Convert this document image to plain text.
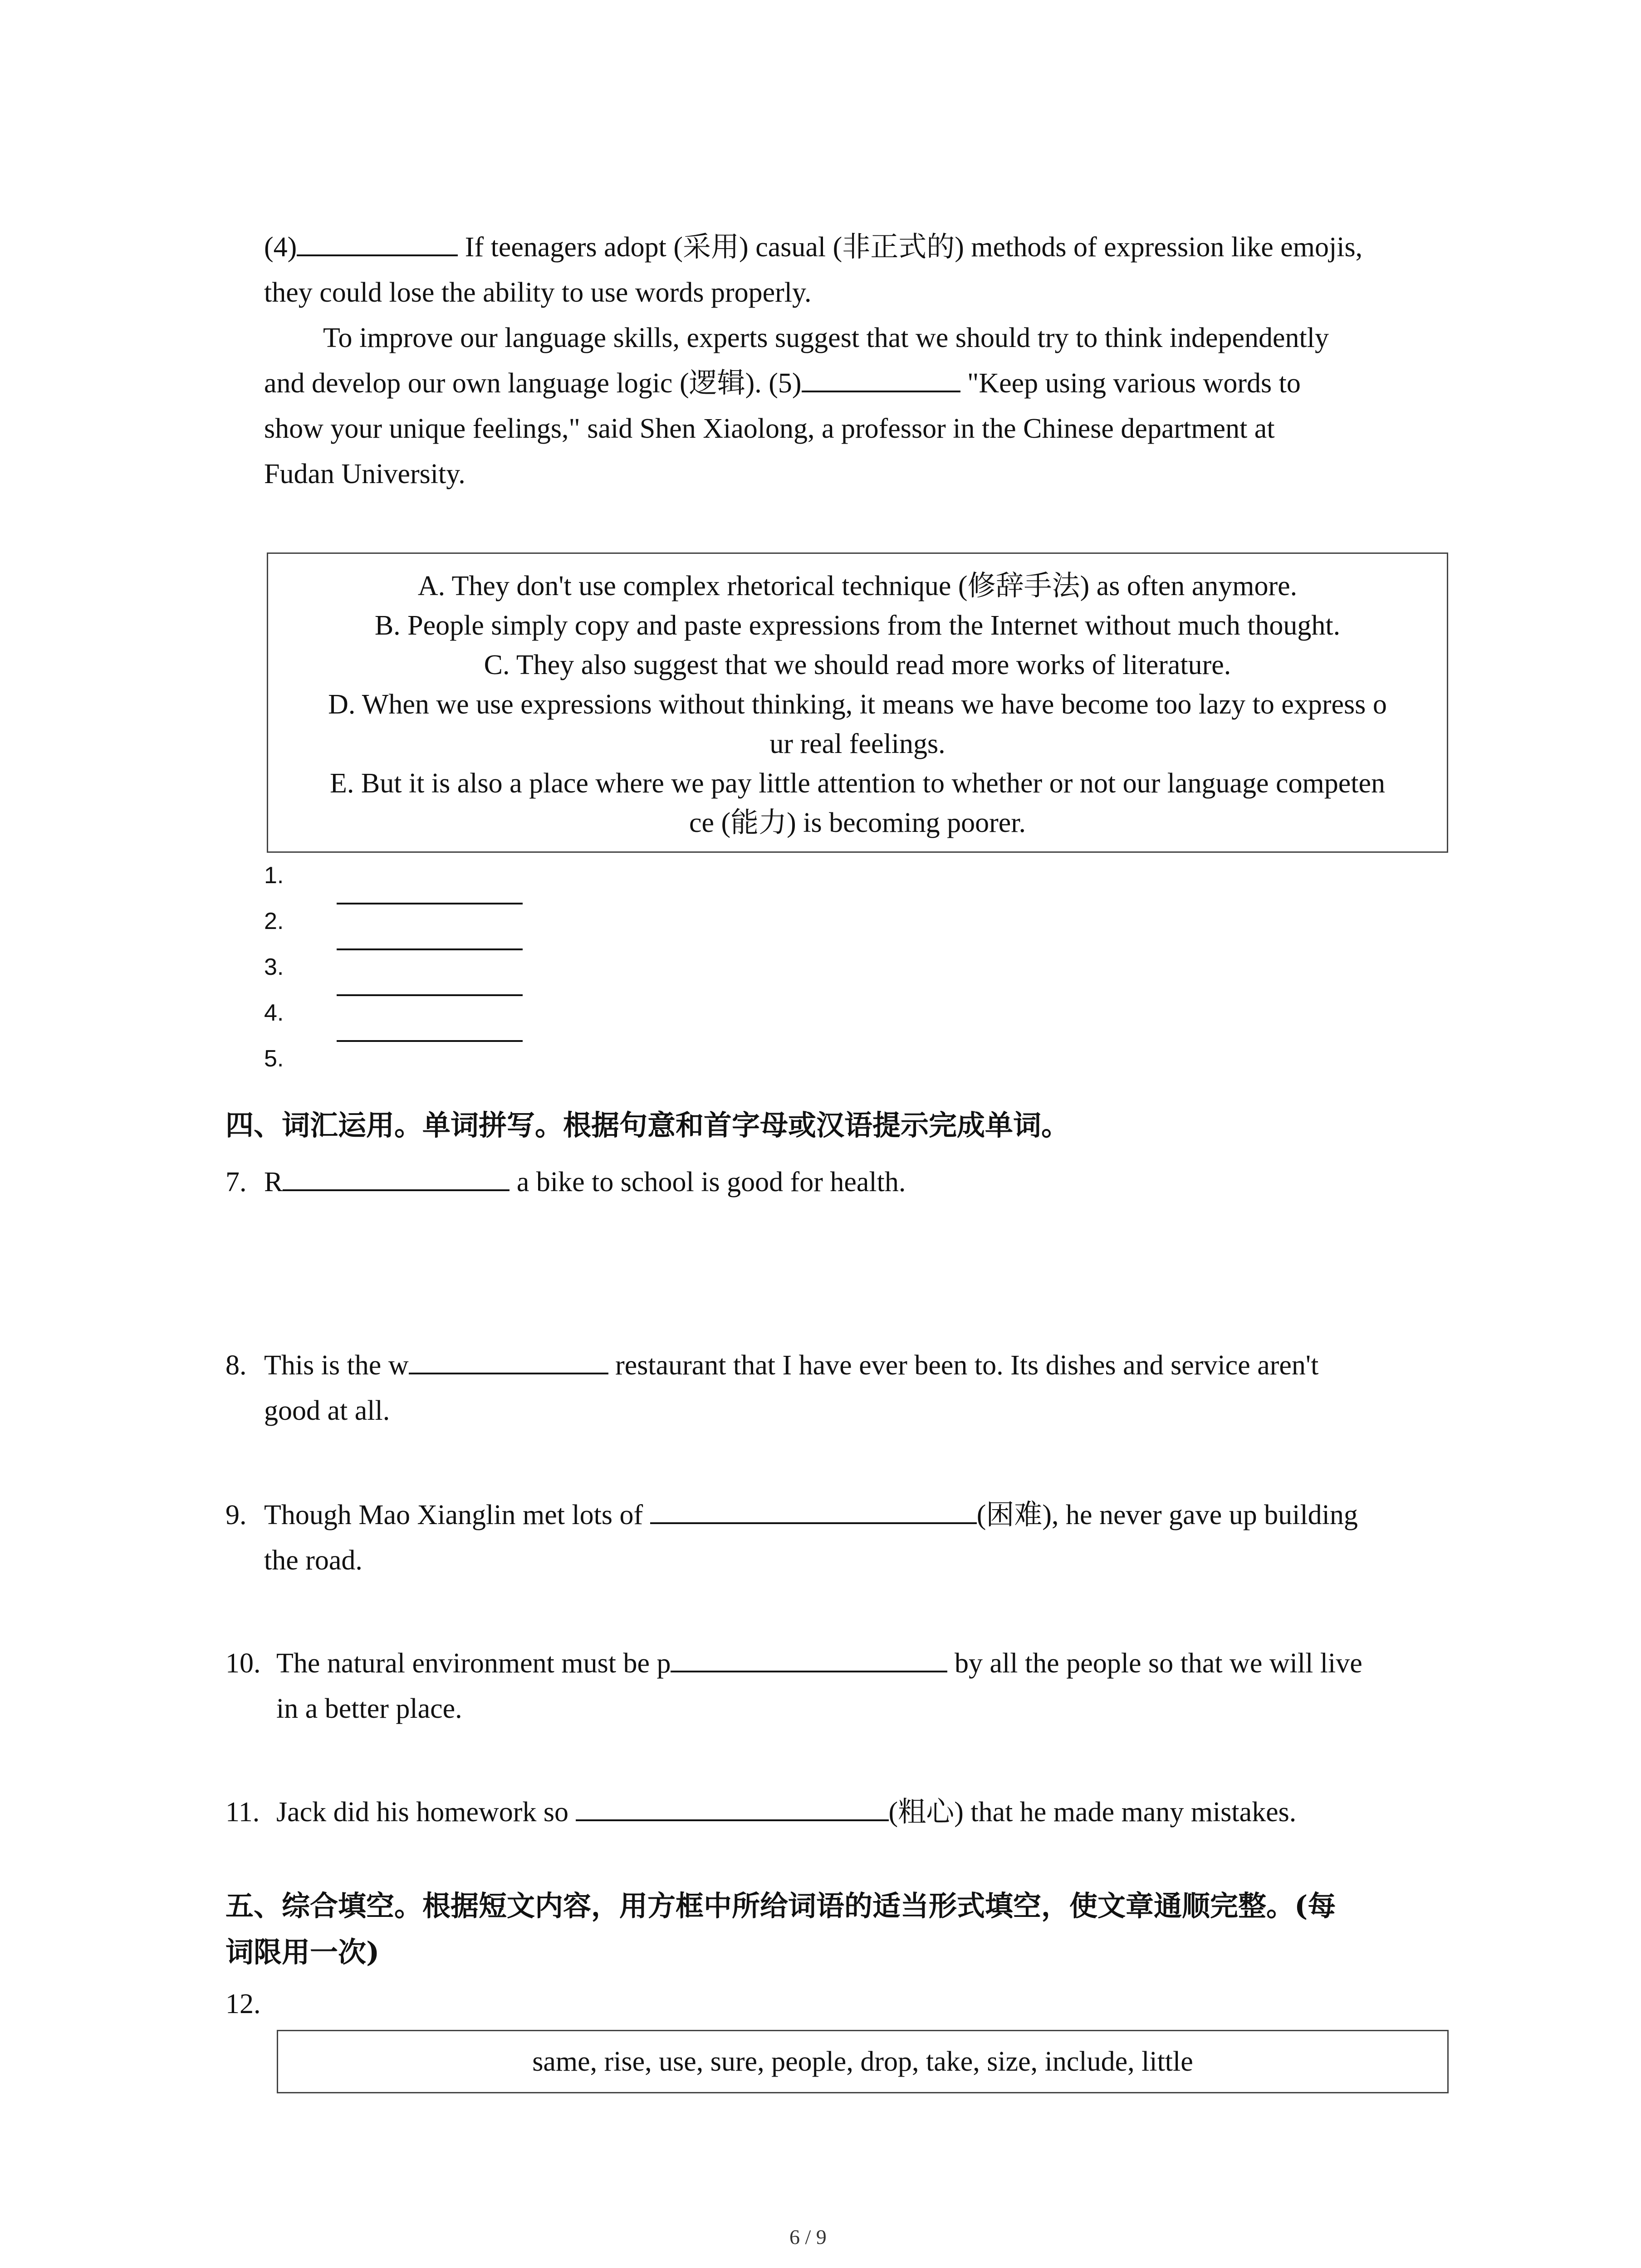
(4)	If teenagers adopt (采用) casual (非正式的) methods of expression like emojis,
they could lose the ability to use words properly.
To improve our language skills, experts suggest that we should try to think independently
and develop our own language logic (逻辑). (5)	"Keep using various words to
show your unique feelings," said Shen Xiaolong, a professor in the Chinese department at
Fudan University.
A. They don't use complex rhetorical technique (修辞手法) as often anymore.
B. People simply copy and paste expressions from the Internet without much thought.
C. They also suggest that we should read more works of literature.
D. When we use expressions without thinking, it means we have become too lazy to express o
ur real feelings.
E. But it is also a place where we pay little attention to whether or not our language competen
ce (能力) is becoming poorer.
1.
2.
3.
4.
5.
四、词汇运用。单词拼写。根据句意和首字母或汉语提示完成单词。
7. R	a bike to school is good for health.
8. This is the w	restaurant that I have ever been to. Its dishes and service aren't
good at all.
9. Though Mao Xianglin met lots of	(困难), he never gave up building
the road.
10. The natural environment must be p	by all the people so that we will live
in a better place.
11. Jack did his homework so	(粗心) that he made many mistakes.
五、综合填空。根据短文内容，用方框中所给词语的适当形式填空，使文章通顺完整。(每
词限用一次)
12.
same, rise, use, sure, people, drop, take, size, include, little
6 / 9
